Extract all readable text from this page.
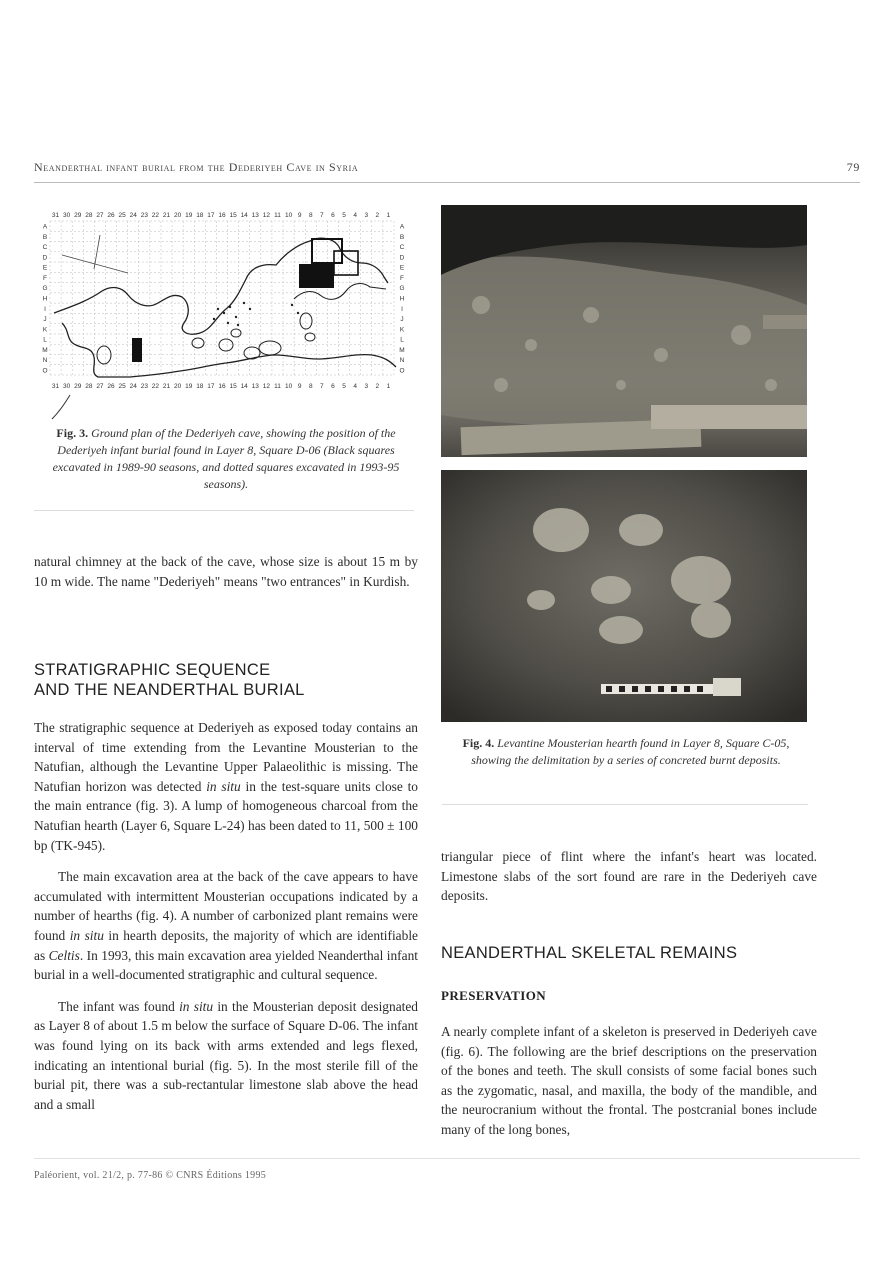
Neanderthal infant burial from the Dederiyeh Cave in Syria	79
31 30 29 28 27 26 25 24 23 22 21 20 19 18 17 16 15 14 13 12 11 10 9 8 7 6 5 4 3 2 1
31 30 29 28 27 26 25 24 23 22 21 20 19 18 17 16 15 14 13 12 11 10 9 8 7 6 5 4 3 2 1
A
B
C
D
E
F
G
H
I
J
K
L
M
N
O
A
B
C
D
E
F
G
H
I
J
K
L
M
N
O
Fig. 3. Ground plan of the Dederiyeh cave, showing the position of the Dederiyeh infant burial found in Layer 8, Square D-06 (Black squares excavated in 1989-90 seasons, and dotted squares excavated in 1993-95 seasons).
Fig. 4. Levantine Mousterian hearth found in Layer 8, Square C-05, showing the delimitation by a series of concreted burnt deposits.

natural chimney at the back of the cave, whose size is about 15 m by 10 m wide. The name "Dederiyeh" means "two entrances" in Kurdish.

STRATIGRAPHIC SEQUENCE
AND THE NEANDERTHAL BURIAL

The stratigraphic sequence at Dederiyeh as exposed today contains an interval of time extending from the Levantine Mousterian to the Natufian, although the Levantine Upper Palaeolithic is missing. The Natufian horizon was detected in situ in the test-square units close to the main entrance (fig. 3). A lump of homogeneous charcoal from the Natufian hearth (Layer 6, Square L-24) has been dated to 11, 500 ± 100 bp (TK-945).

The main excavation area at the back of the cave appears to have accumulated with intermittent Mousterian occupations indicated by a number of hearths (fig. 4). A number of carbonized plant remains were found in situ in hearth deposits, the majority of which are identifiable as Celtis. In 1993, this main excavation area yielded Neanderthal infant burial in a well-documented stratigraphic and cultural sequence.

The infant was found in situ in the Mousterian deposit designated as Layer 8 of about 1.5 m below the surface of Square D-06. The infant was found lying on its back with arms extended and legs flexed, indicating an intentional burial (fig. 5). In the most sterile fill of the burial pit, there was a sub-rectantular limestone slab above the head and a small

triangular piece of flint where the infant's heart was located. Limestone slabs of the sort found are rare in the Dederiyeh cave deposits.

NEANDERTHAL SKELETAL REMAINS
PRESERVATION

A nearly complete infant of a skeleton is preserved in Dederiyeh cave (fig. 6). The following are the brief descriptions on the preservation of the bones and teeth. The skull consists of some facial bones such as the zygomatic, nasal, and maxilla, the body of the mandible, and the neurocranium without the frontal. The postcranial bones include many of the long bones,

Paléorient, vol. 21/2, p. 77-86 © CNRS Éditions 1995
